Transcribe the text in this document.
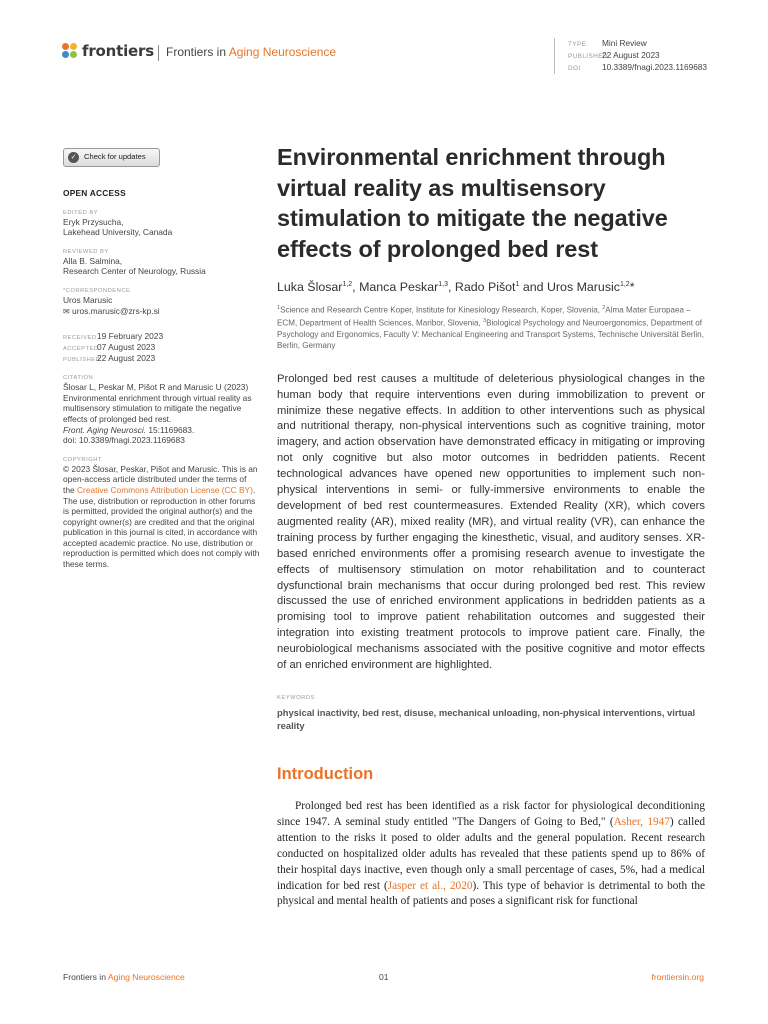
frontiers Frontiers in Aging Neuroscience
TYPE Mini Review
PUBLISHED22 August 2023
DOI	10.3389/fnagi.2023.1169683
✓ Check for updates
OPEN ACCESS
EDITED BY
Eryk Przysucha,
Lakehead University, Canada
REVIEWED BY
Alla B. Salmina,
Research Center of Neurology, Russia
*CORRESPONDENCE
Uros Marusic
✉ uros.marusic@zrs-kp.si
RECEIVED19 February 2023
ACCEPTED07 August 2023
PUBLISHED22 August 2023
CITATION
Šlosar L, Peskar M, Pišot R and Marusic U (2023) Environmental enrichment through virtual reality as multisensory stimulation to mitigate the negative effects of prolonged bed rest.
Front. Aging Neurosci. 15:1169683.
doi: 10.3389/fnagi.2023.1169683
COPYRIGHT
© 2023 Šlosar, Peskar, Pišot and Marusic. This is an open-access article distributed under the terms of the Creative Commons Attribution License (CC BY). The use, distribution or reproduction in other forums is permitted, provided the original author(s) and the copyright owner(s) are credited and that the original publication in this journal is cited, in accordance with accepted academic practice. No use, distribution or reproduction is permitted which does not comply with these terms.
Environmental enrichment through virtual reality as multisensory stimulation to mitigate the negative effects of prolonged bed rest
Luka Šlosar$^{1,2}$, Manca Peskar$^{1,3}$, Rado Pišot$^1$ and Uros Marusic$^{1,2}$*
$^1$Science and Research Centre Koper, Institute for Kinesiology Research, Koper, Slovenia, $^2$Alma Mater Europaea – ECM, Department of Health Sciences, Maribor, Slovenia, $^3$Biological Psychology and Neuroergonomics, Department of Psychology and Ergonomics, Faculty V: Mechanical Engineering and Transport Systems, Technische Universität Berlin, Berlin, Germany

Prolonged bed rest causes a multitude of deleterious physiological changes in the human body that require interventions even during immobilization to prevent or minimize these negative effects. In addition to other interventions such as physical and nutritional therapy, non-physical interventions such as cognitive training, motor imagery, and action observation have demonstrated efficacy in mitigating or improving not only cognitive but also motor outcomes in bedridden patients. Recent technological advances have opened new opportunities to implement such non-physical interventions in semi- or fully-immersive environments to enable the development of bed rest countermeasures. Extended Reality (XR), which covers augmented reality (AR), mixed reality (MR), and virtual reality (VR), can enhance the training process by further engaging the kinesthetic, visual, and auditory senses. XR-based enriched environments offer a promising research avenue to investigate the effects of multisensory stimulation on motor rehabilitation and to counteract dysfunctional brain mechanisms that occur during prolonged bed rest. This review discussed the use of enriched environment applications in bedridden patients as a promising tool to improve patient rehabilitation outcomes and suggested their integration into existing treatment protocols to improve patient care. Finally, the neurobiological mechanisms associated with the positive cognitive and motor effects of an enriched environment are highlighted.

KEYWORDS
physical inactivity, bed rest, disuse, mechanical unloading, non-physical interventions, virtual reality
Introduction

Prolonged bed rest has been identified as a risk factor for physiological deconditioning since 1947. A seminal study entitled "The Dangers of Going to Bed," (Asher, 1947) called attention to the risks it posed to older adults and the general population. Recent research conducted on hospitalized older adults has revealed that these patients spend up to 86% of their hospital days inactive, even though only a small percentage of cases, 5%, had a medical indication for bed rest (Jasper et al., 2020). This type of behavior is detrimental to both the physical and mental health of patients and poses a significant risk for functional

Frontiers in Aging Neuroscience	01	frontiersin.org
